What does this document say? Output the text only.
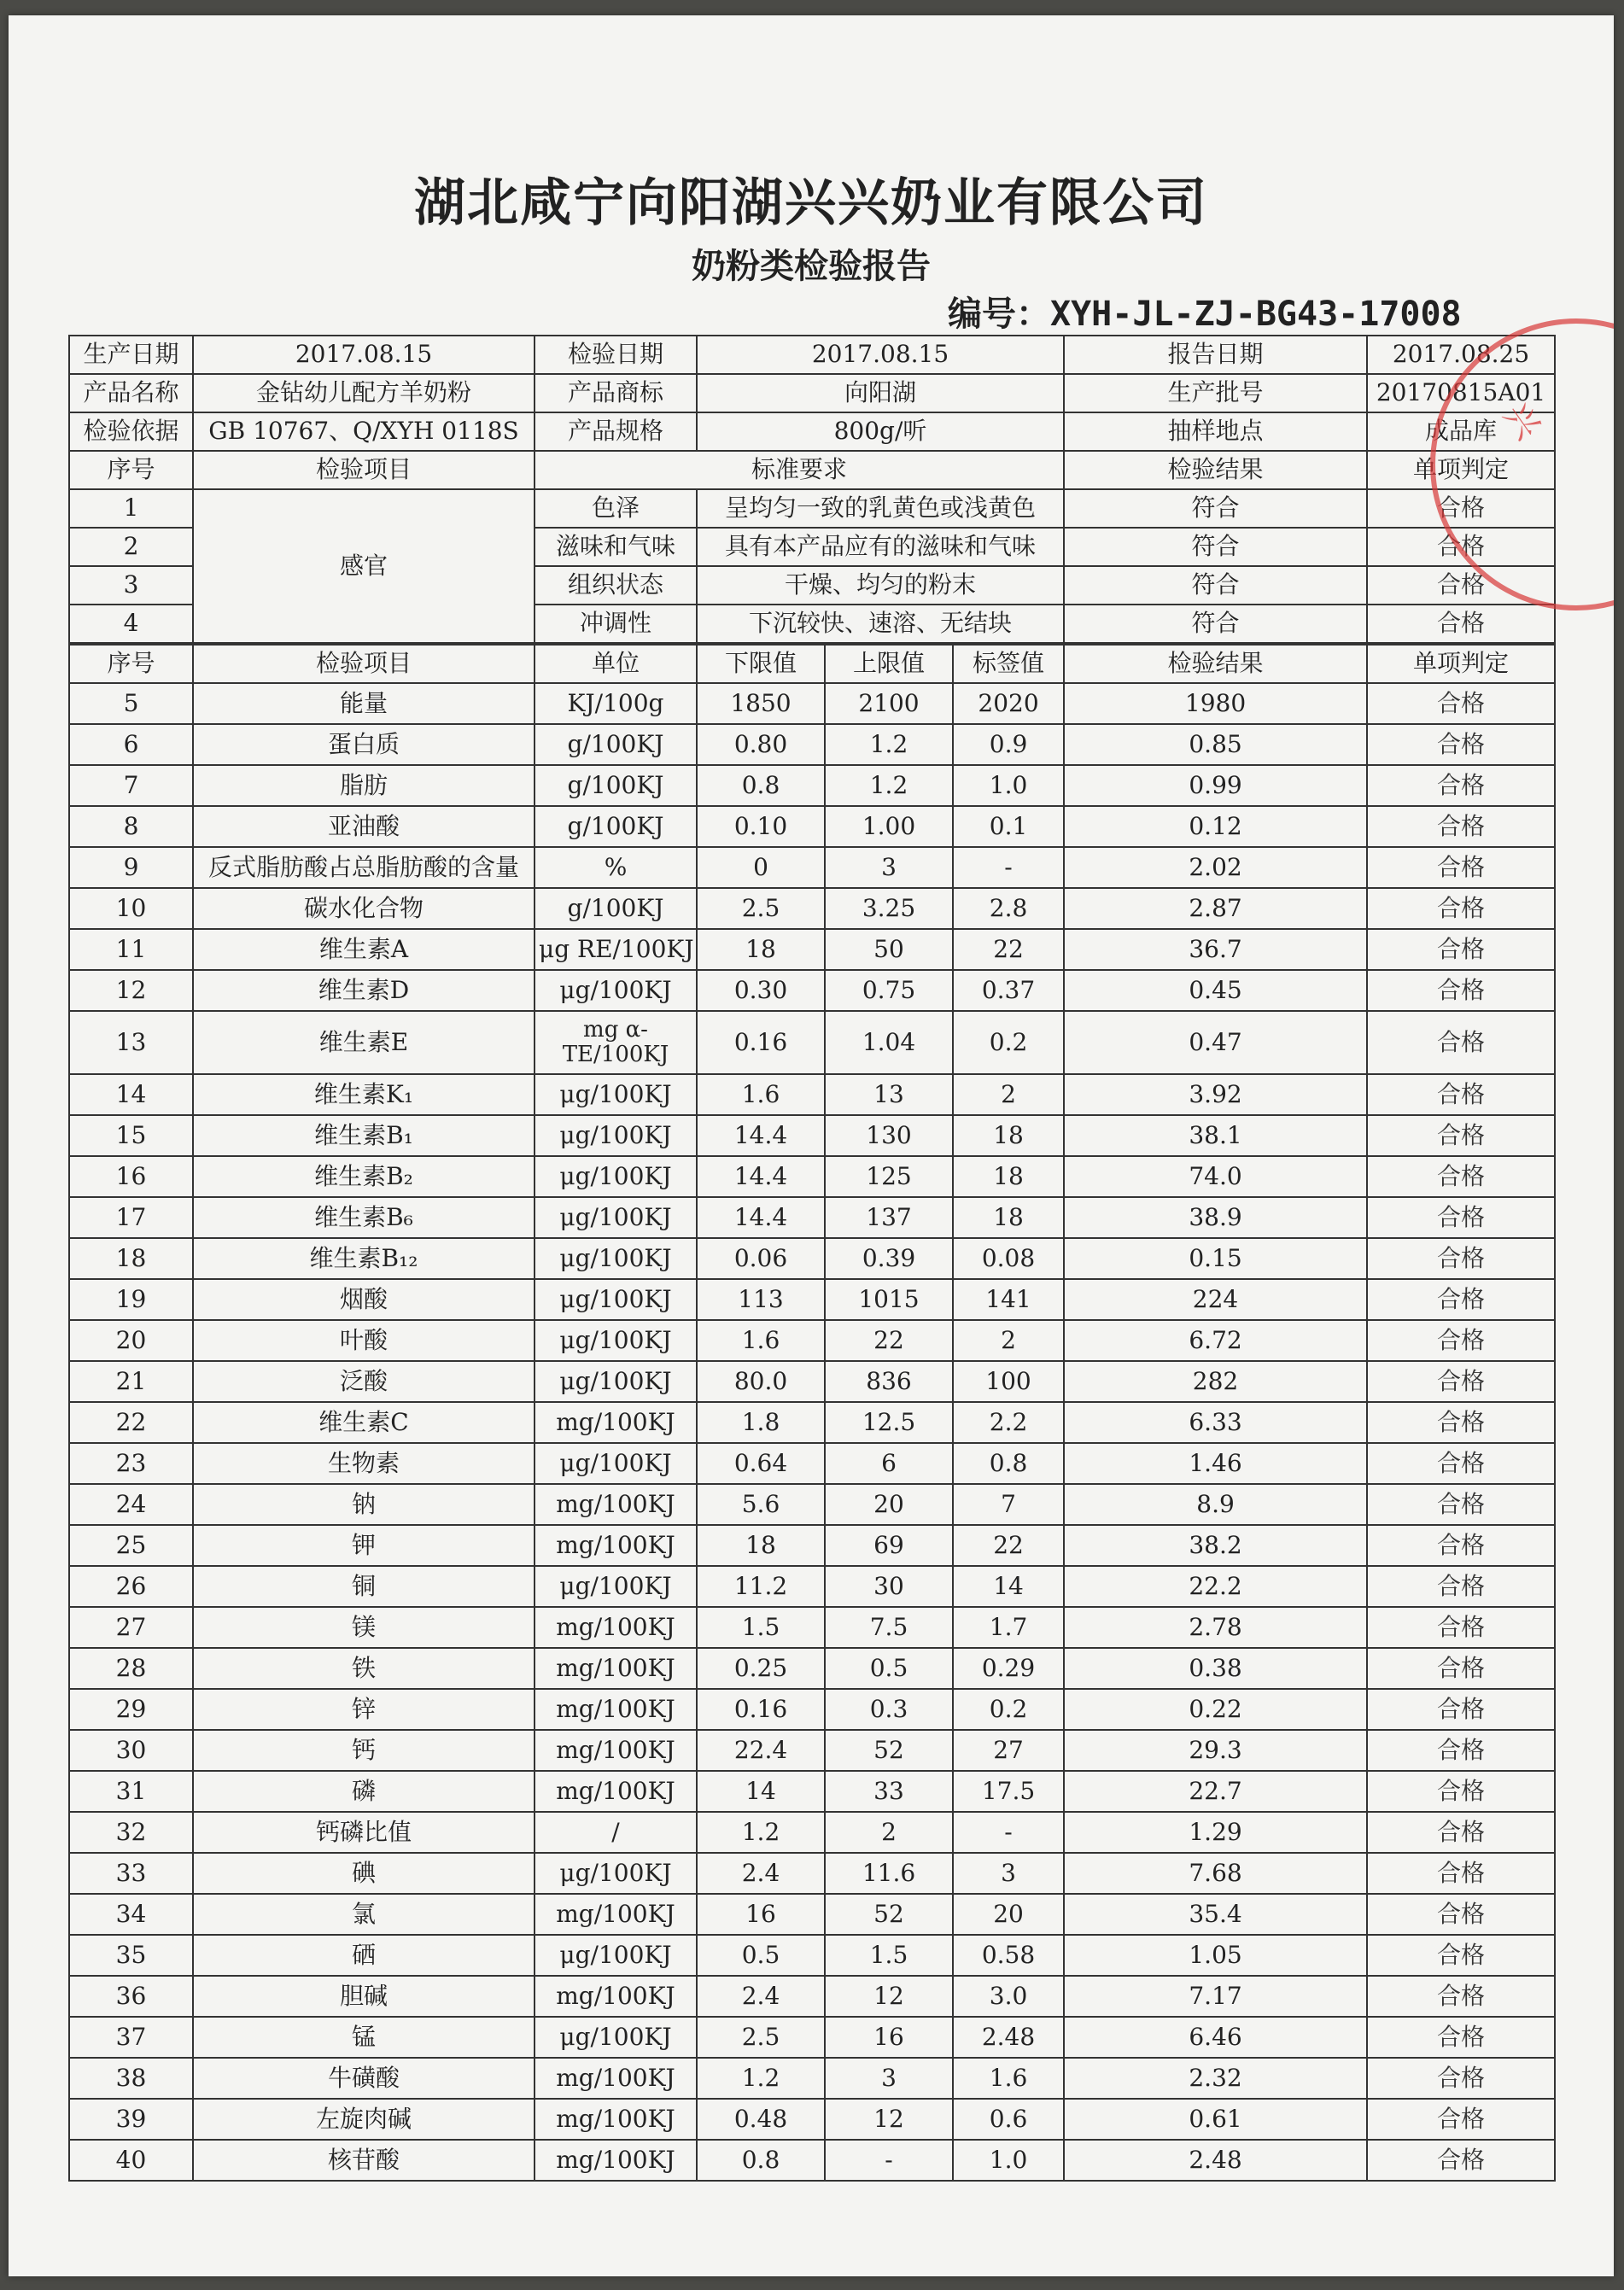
湖北咸宁向阳湖兴兴奶业有限公司
奶粉类检验报告
编号：XYH-JL-ZJ-BG43-17008
生产日期	2017.08.15	检验日期	2017.08.15			报告日期	2017.08.25
产品名称	金钻幼儿配方羊奶粉	产品商标	向阳湖			生产批号	20170815A01
检验依据	GB 10767、Q/XYH 0118S	产品规格	800g/听			抽样地点	成品库
序号	检验项目	标准要求				检验结果	单项判定
1	感官	色泽	呈均匀一致的乳黄色或浅黄色			符合	合格
2		滋味和气味	具有本产品应有的滋味和气味			符合	合格
3		组织状态	干燥、均匀的粉末			符合	合格
4		冲调性	下沉较快、速溶、无结块			符合	合格
序号	检验项目	单位	下限值	上限值	标签值	检验结果	单项判定
5	能量	KJ/100g	1850	2100	2020	1980	合格
6	蛋白质	g/100KJ	0.80	1.2	0.9	0.85	合格
7	脂肪	g/100KJ	0.8	1.2	1.0	0.99	合格
8	亚油酸	g/100KJ	0.10	1.00	0.1	0.12	合格
9	反式脂肪酸占总脂肪酸的含量	%	0	3	-	2.02	合格
10	碳水化合物	g/100KJ	2.5	3.25	2.8	2.87	合格
11	维生素A	μg RE/100KJ	18	50	22	36.7	合格
12	维生素D	μg/100KJ	0.30	0.75	0.37	0.45	合格
13	维生素E	mg α-TE/100KJ	0.16	1.04	0.2	0.47	合格
14	维生素K₁	μg/100KJ	1.6	13	2	3.92	合格
15	维生素B₁	μg/100KJ	14.4	130	18	38.1	合格
16	维生素B₂	μg/100KJ	14.4	125	18	74.0	合格
17	维生素B₆	μg/100KJ	14.4	137	18	38.9	合格
18	维生素B₁₂	μg/100KJ	0.06	0.39	0.08	0.15	合格
19	烟酸	μg/100KJ	113	1015	141	224	合格
20	叶酸	μg/100KJ	1.6	22	2	6.72	合格
21	泛酸	μg/100KJ	80.0	836	100	282	合格
22	维生素C	mg/100KJ	1.8	12.5	2.2	6.33	合格
23	生物素	μg/100KJ	0.64	6	0.8	1.46	合格
24	钠	mg/100KJ	5.6	20	7	8.9	合格
25	钾	mg/100KJ	18	69	22	38.2	合格
26	铜	μg/100KJ	11.2	30	14	22.2	合格
27	镁	mg/100KJ	1.5	7.5	1.7	2.78	合格
28	铁	mg/100KJ	0.25	0.5	0.29	0.38	合格
29	锌	mg/100KJ	0.16	0.3	0.2	0.22	合格
30	钙	mg/100KJ	22.4	52	27	29.3	合格
31	磷	mg/100KJ	14	33	17.5	22.7	合格
32	钙磷比值	/	1.2	2	-	1.29	合格
33	碘	μg/100KJ	2.4	11.6	3	7.68	合格
34	氯	mg/100KJ	16	52	20	35.4	合格
35	硒	μg/100KJ	0.5	1.5	0.58	1.05	合格
36	胆碱	mg/100KJ	2.4	12	3.0	7.17	合格
37	锰	μg/100KJ	2.5	16	2.48	6.46	合格
38	牛磺酸	mg/100KJ	1.2	3	1.6	2.32	合格
39	左旋肉碱	mg/100KJ	0.48	12	0.6	0.61	合格
40	核苷酸	mg/100KJ	0.8	-	1.0	2.48	合格
兴
